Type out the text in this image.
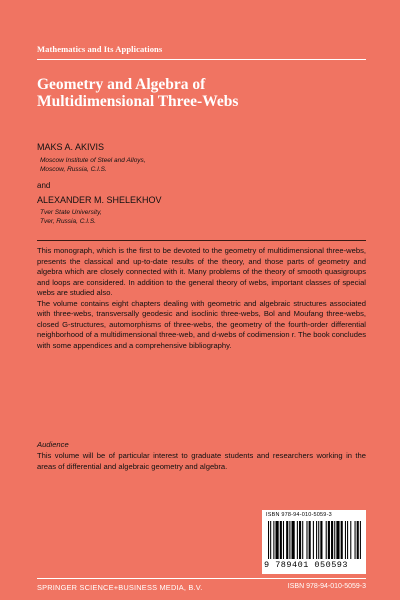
Mathematics and Its Applications
Geometry and Algebra of
Multidimensional Three-Webs
MAKS A. AKIVIS
Moscow Institute of Steel and Alloys,
Moscow, Russia, C.I.S.
and
ALEXANDER M. SHELEKHOV
Tver State University,
Tver, Russia, C.I.S.

This monograph, which is the first to be devoted to the geometry of multidimensional three-webs, presents the classical and up-to-date results of the theory, and those parts of geometry and algebra which are closely connected with it. Many problems of the theory of smooth quasigroups and loops are considered. In addition to the general theory of webs, important classes of special webs are studied also.

The volume contains eight chapters dealing with geometric and algebraic structures associated with three-webs, transversally geodesic and isoclinic three-webs, Bol and Moufang three-webs, closed G-structures, automorphisms of three-webs, the geometry of the fourth-order differential neighborhood of a multidimensional three-web, and d-webs of codimension r. The book concludes with some appendices and a comprehensive bibliography.

Audience
This volume will be of particular interest to graduate students and researchers working in the areas of differential and algebraic geometry and algebra.
ISBN 978-94-010-5059-3
9 789401 050593
SPRINGER SCIENCE+BUSINESS MEDIA, B.V.	ISBN 978-94-010-5059-3
